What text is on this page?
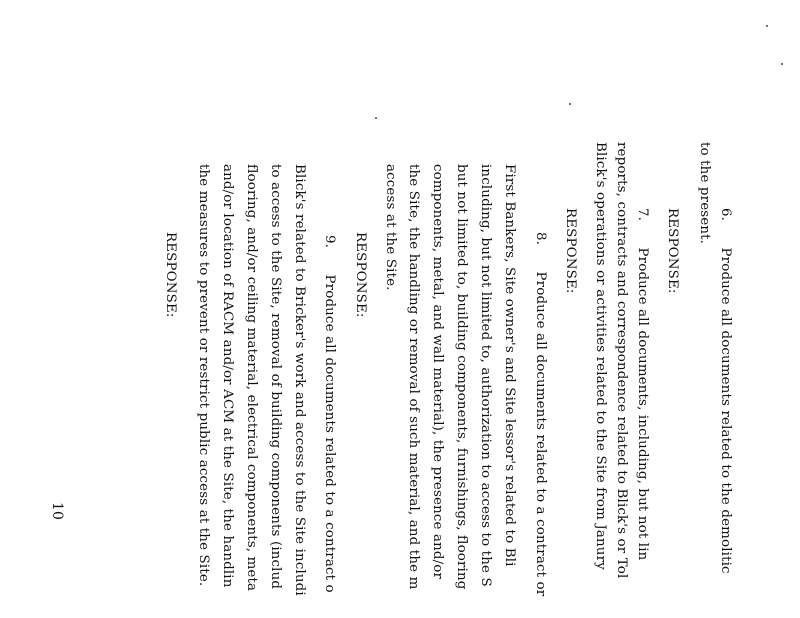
6.      Produce all documents related to the demolitic
to the present.
RESPONSE:
7.      Produce all documents, including, but not lin
reports, contracts and correspondence related to Blick's or Tol
Blick's operations or activities related to the Site from Janury
RESPONSE:
8.      Produce all documents related to a contract or
First Bankers, Site owner's and Site lessor's related to Bli
including, but not limited to, authorization to access to the S
but not limited to, building components, furnishings, flooring
components, metal, and wall material), the presence and/or
the Site, the handling or removal of such material, and the m
access at the Site.
RESPONSE:
9.      Produce all documents related to a contract o
Blick's related to Bricker's work and access to the Site includi
to access to the Site, removal of building components (includ
flooring, and/or ceiling material, electrical components, meta
and/or location of RACM and/or ACM at the Site, the handlin
the measures to prevent or restrict public access at the Site.
RESPONSE:
10
